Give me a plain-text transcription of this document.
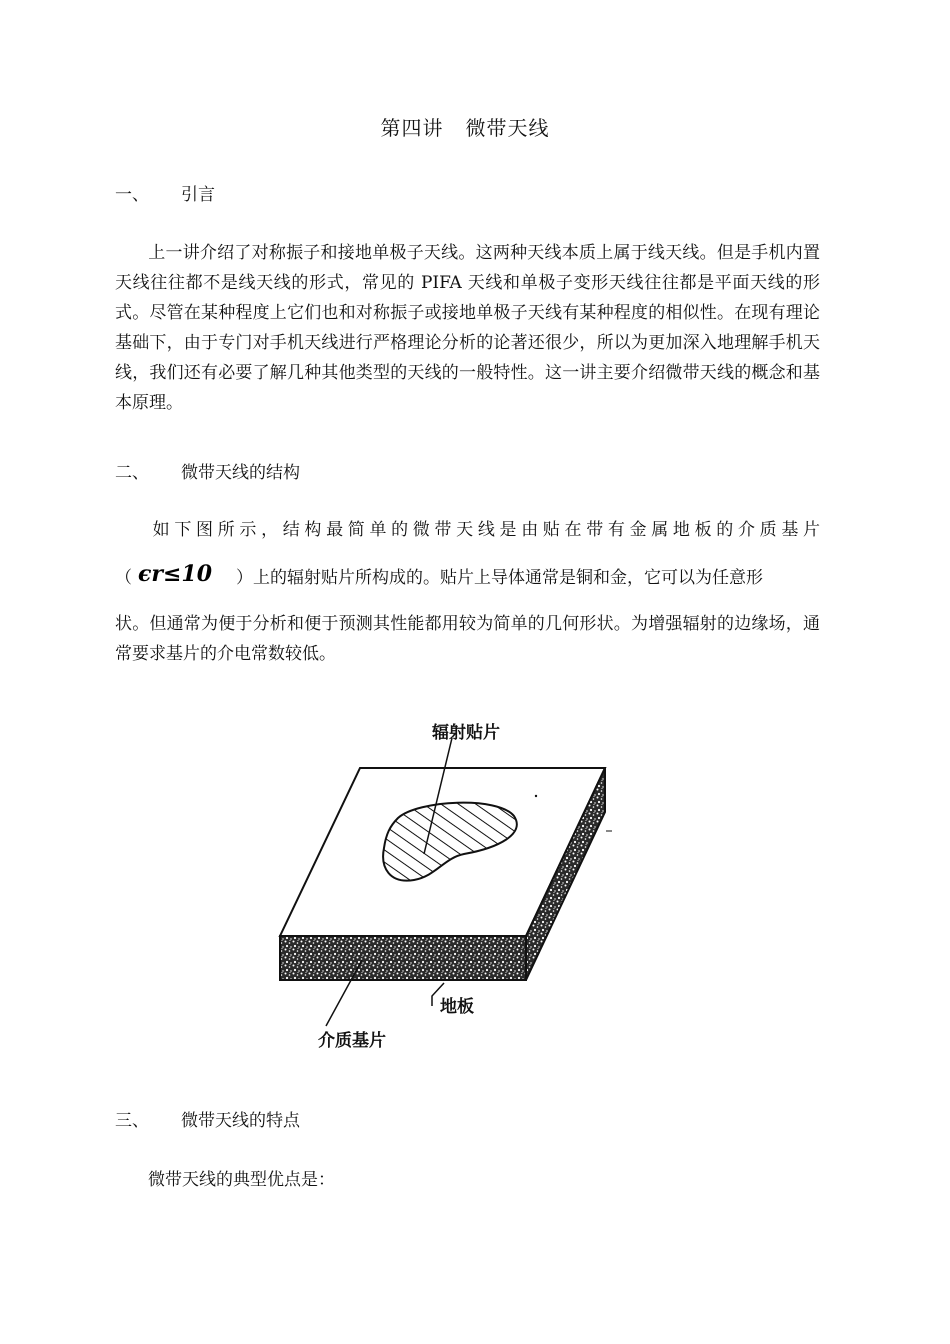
第四讲 微带天线
一、 引言
上一讲介绍了对称振子和接地单极子天线。这两种天线本质上属于线天线。但是手机内置天线往往都不是线天线的形式，常见的 PIFA 天线和单极子变形天线往往都是平面天线的形式。尽管在某种程度上它们也和对称振子或接地单极子天线有某种程度的相似性。在现有理论基础下，由于专门对手机天线进行严格理论分析的论著还很少，所以为更加深入地理解手机天线，我们还有必要了解几种其他类型的天线的一般特性。这一讲主要介绍微带天线的概念和基本原理。
二、 微带天线的结构
如下图所示，结构最简单的微带天线是由贴在带有金属地板的介质基片
（ ϵr≤10 ）上的辐射贴片所构成的。贴片上导体通常是铜和金，它可以为任意形
状。但通常为便于分析和便于预测其性能都用较为简单的几何形状。为增强辐射的边缘场，通常要求基片的介电常数较低。
辐射贴片
地板
介质基片
三、 微带天线的特点
微带天线的典型优点是：
